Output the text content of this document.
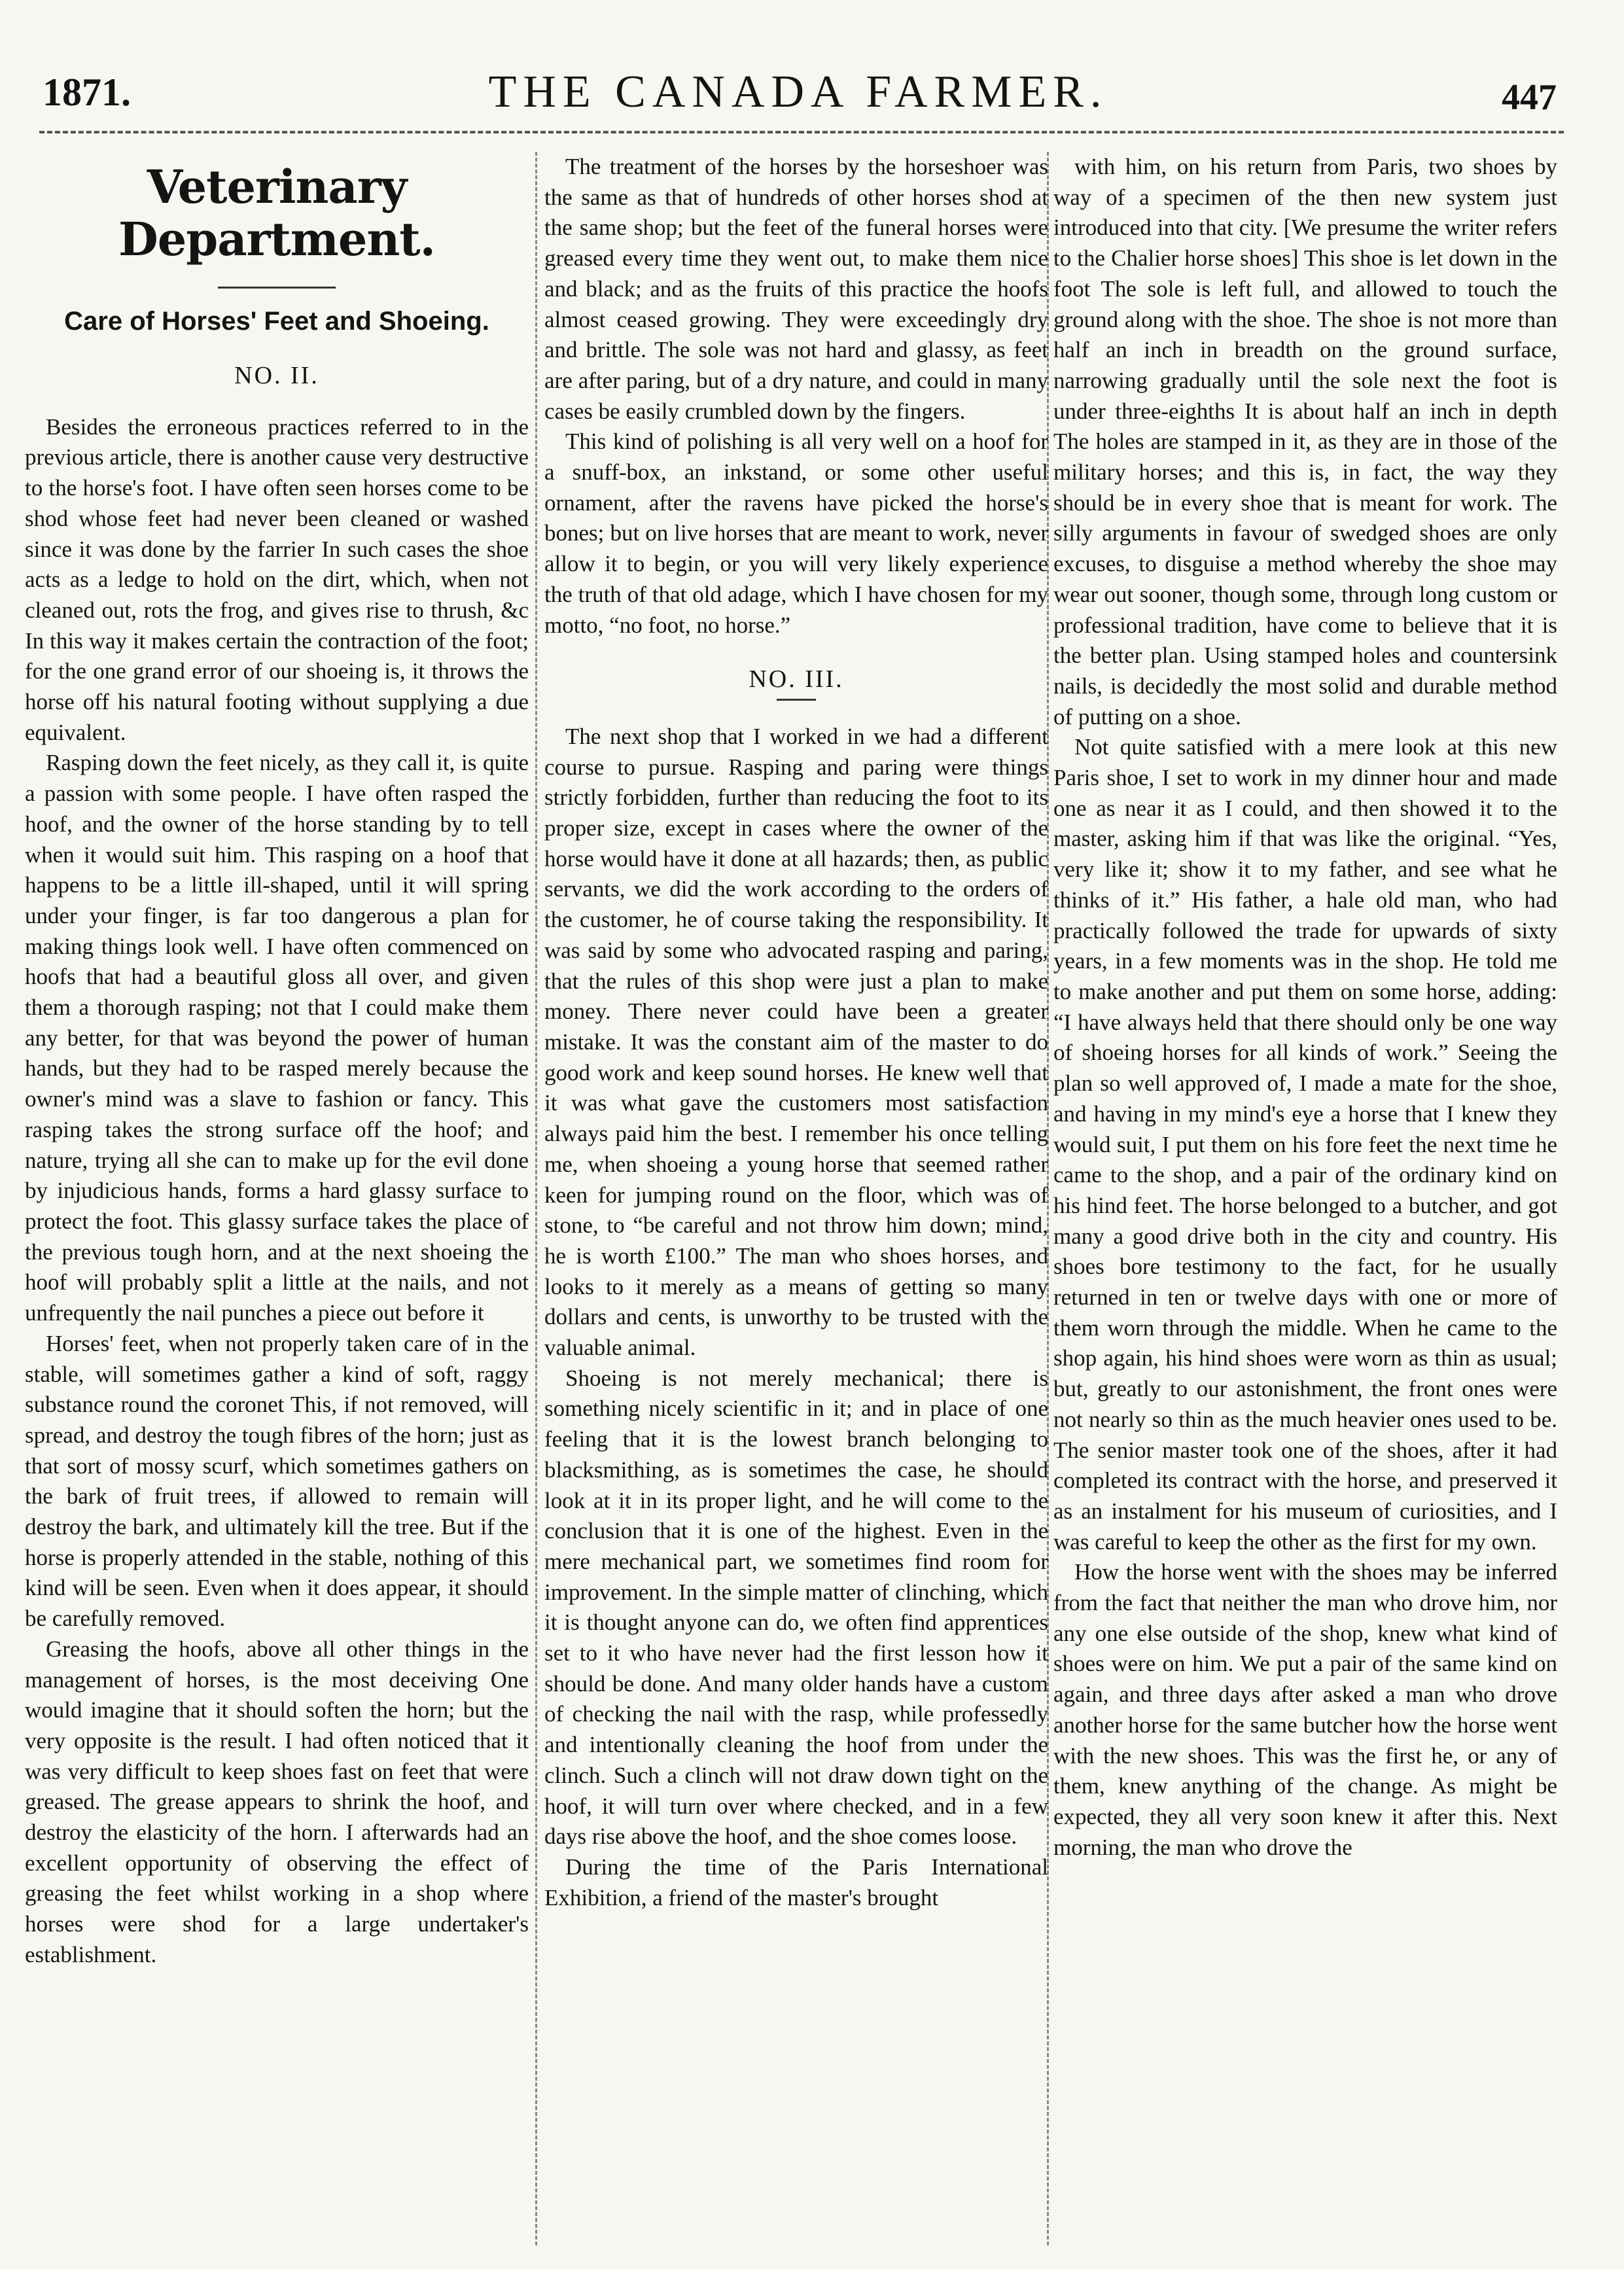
1871.	THE CANADA FARMER.	447
Veterinary Department.
Care of Horses' Feet and Shoeing.
NO. II.

Besides the erroneous practices referred to in the previous article, there is another cause very destructive to the horse's foot. I have often seen horses come to be shod whose feet had never been cleaned or washed since it was done by the farrier In such cases the shoe acts as a ledge to hold on the dirt, which, when not cleaned out, rots the frog, and gives rise to thrush, &c In this way it makes certain the contraction of the foot; for the one grand error of our shoeing is, it throws the horse off his natural footing without supplying a due equivalent.

Rasping down the feet nicely, as they call it, is quite a passion with some people. I have often rasped the hoof, and the owner of the horse standing by to tell when it would suit him. This rasping on a hoof that happens to be a little ill-shaped, until it will spring under your finger, is far too dangerous a plan for making things look well. I have often commenced on hoofs that had a beautiful gloss all over, and given them a thorough rasping; not that I could make them any better, for that was beyond the power of human hands, but they had to be rasped merely because the owner's mind was a slave to fashion or fancy. This rasping takes the strong surface off the hoof; and nature, trying all she can to make up for the evil done by injudicious hands, forms a hard glassy surface to protect the foot. This glassy surface takes the place of the previous tough horn, and at the next shoeing the hoof will probably split a little at the nails, and not unfrequently the nail punches a piece out before it

Horses' feet, when not properly taken care of in the stable, will sometimes gather a kind of soft, raggy substance round the coronet This, if not removed, will spread, and destroy the tough fibres of the horn; just as that sort of mossy scurf, which sometimes gathers on the bark of fruit trees, if allowed to remain will destroy the bark, and ultimately kill the tree. But if the horse is properly attended in the stable, nothing of this kind will be seen. Even when it does appear, it should be carefully removed.

Greasing the hoofs, above all other things in the management of horses, is the most deceiving One would imagine that it should soften the horn; but the very opposite is the result. I had often noticed that it was very difficult to keep shoes fast on feet that were greased. The grease appears to shrink the hoof, and destroy the elasticity of the horn. I afterwards had an excellent opportunity of observing the effect of greasing the feet whilst working in a shop where horses were shod for a large undertaker's establishment.

The treatment of the horses by the horseshoer was the same as that of hundreds of other horses shod at the same shop; but the feet of the funeral horses were greased every time they went out, to make them nice and black; and as the fruits of this practice the hoofs almost ceased growing. They were exceedingly dry and brittle. The sole was not hard and glassy, as feet are after paring, but of a dry nature, and could in many cases be easily crumbled down by the fingers.

This kind of polishing is all very well on a hoof for a snuff-box, an inkstand, or some other useful ornament, after the ravens have picked the horse's bones; but on live horses that are meant to work, never allow it to begin, or you will very likely experience the truth of that old adage, which I have chosen for my motto, “no foot, no horse.”

NO. III.

The next shop that I worked in we had a different course to pursue. Rasping and paring were things strictly forbidden, further than reducing the foot to its proper size, except in cases where the owner of the horse would have it done at all hazards; then, as public servants, we did the work according to the orders of the customer, he of course taking the responsibility. It was said by some who advocated rasping and paring, that the rules of this shop were just a plan to make money. There never could have been a greater mistake. It was the constant aim of the master to do good work and keep sound horses. He knew well that it was what gave the customers most satisfaction always paid him the best. I remember his once telling me, when shoeing a young horse that seemed rather keen for jumping round on the floor, which was of stone, to “be careful and not throw him down; mind, he is worth £100.” The man who shoes horses, and looks to it merely as a means of getting so many dollars and cents, is unworthy to be trusted with the valuable animal.

Shoeing is not merely mechanical; there is something nicely scientific in it; and in place of one feeling that it is the lowest branch belonging to blacksmithing, as is sometimes the case, he should look at it in its proper light, and he will come to the conclusion that it is one of the highest. Even in the mere mechanical part, we sometimes find room for improvement. In the simple matter of clinching, which it is thought anyone can do, we often find apprentices set to it who have never had the first lesson how it should be done. And many older hands have a custom of checking the nail with the rasp, while professedly and intentionally cleaning the hoof from under the clinch. Such a clinch will not draw down tight on the hoof, it will turn over where checked, and in a few days rise above the hoof, and the shoe comes loose.

During the time of the Paris International Exhibition, a friend of the master's brought

with him, on his return from Paris, two shoes by way of a specimen of the then new system just introduced into that city. [We presume the writer refers to the Chalier horse shoes] This shoe is let down in the foot The sole is left full, and allowed to touch the ground along with the shoe. The shoe is not more than half an inch in breadth on the ground surface, narrowing gradually until the sole next the foot is under three-eighths It is about half an inch in depth The holes are stamped in it, as they are in those of the military horses; and this is, in fact, the way they should be in every shoe that is meant for work. The silly arguments in favour of swedged shoes are only excuses, to disguise a method whereby the shoe may wear out sooner, though some, through long custom or professional tradition, have come to believe that it is the better plan. Using stamped holes and countersink nails, is decidedly the most solid and durable method of putting on a shoe.

Not quite satisfied with a mere look at this new Paris shoe, I set to work in my dinner hour and made one as near it as I could, and then showed it to the master, asking him if that was like the original. “Yes, very like it; show it to my father, and see what he thinks of it.” His father, a hale old man, who had practically followed the trade for upwards of sixty years, in a few moments was in the shop. He told me to make another and put them on some horse, adding: “I have always held that there should only be one way of shoeing horses for all kinds of work.” Seeing the plan so well approved of, I made a mate for the shoe, and having in my mind's eye a horse that I knew they would suit, I put them on his fore feet the next time he came to the shop, and a pair of the ordinary kind on his hind feet. The horse belonged to a butcher, and got many a good drive both in the city and country. His shoes bore testimony to the fact, for he usually returned in ten or twelve days with one or more of them worn through the middle. When he came to the shop again, his hind shoes were worn as thin as usual; but, greatly to our astonishment, the front ones were not nearly so thin as the much heavier ones used to be. The senior master took one of the shoes, after it had completed its contract with the horse, and preserved it as an instalment for his museum of curiosities, and I was careful to keep the other as the first for my own.

How the horse went with the shoes may be inferred from the fact that neither the man who drove him, nor any one else outside of the shop, knew what kind of shoes were on him. We put a pair of the same kind on again, and three days after asked a man who drove another horse for the same butcher how the horse went with the new shoes. This was the first he, or any of them, knew anything of the change. As might be expected, they all very soon knew it after this. Next morning, the man who drove the
